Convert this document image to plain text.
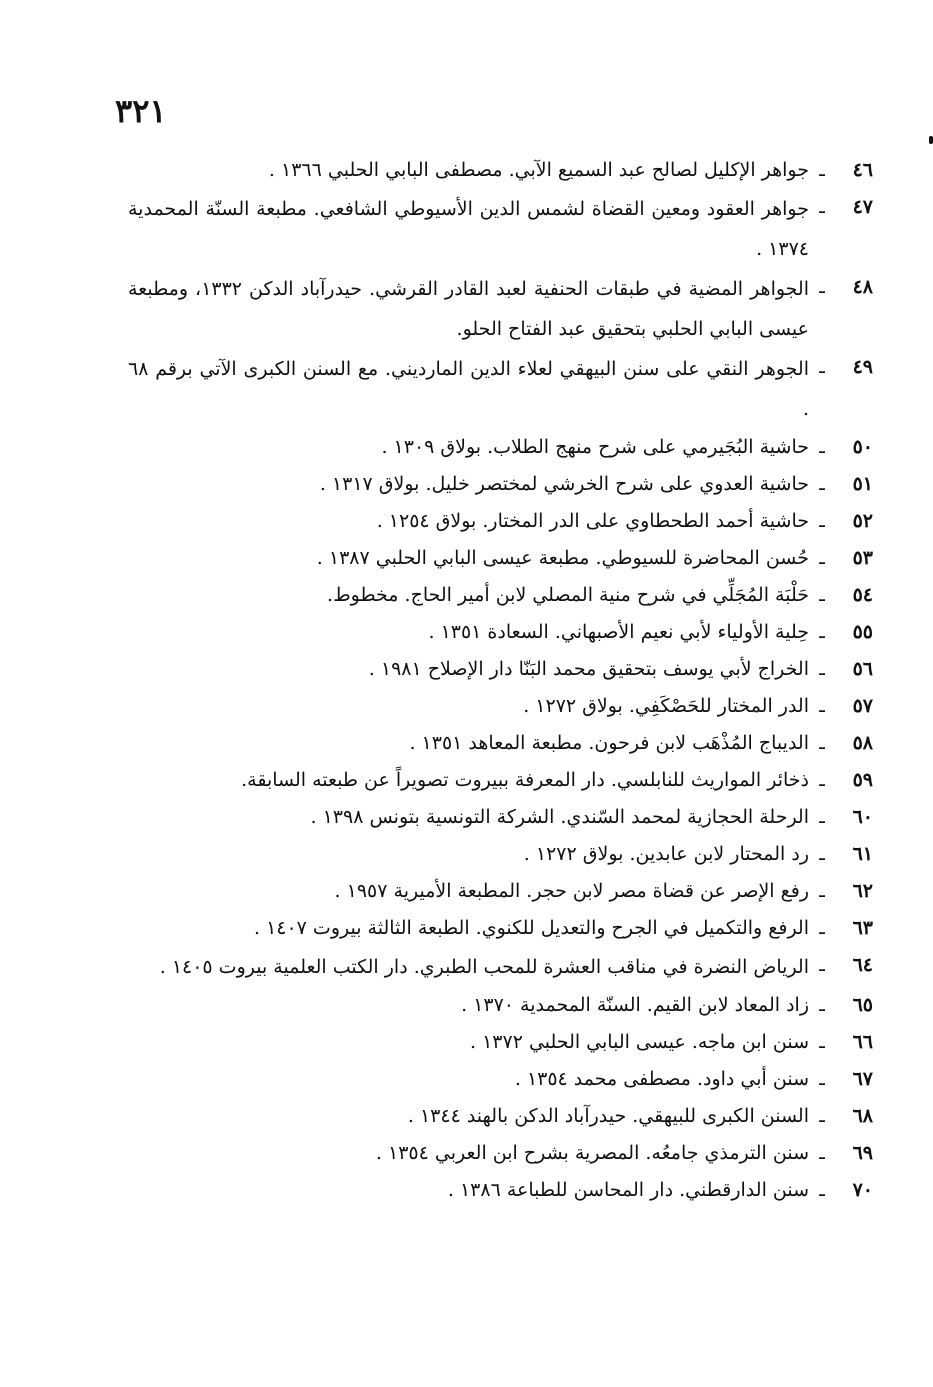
٣٢١
٤٦
ـ
جواهر الإكليل لصالح عبد السميع الآبي. مصطفى البابي الحلبي ١٣٦٦ .
٤٧
ـ
جواهر العقود ومعين القضاة لشمس الدين الأسيوطي الشافعي. مطبعة السنّة المحمدية ١٣٧٤ .
٤٨
ـ
الجواهر المضية في طبقات الحنفية لعبد القادر القرشي. حيدرآباد الدكن ١٣٣٢، ومطبعة عيسى البابي الحلبي بتحقيق عبد الفتاح الحلو.
٤٩
ـ
الجوهر النقي على سنن البيهقي لعلاء الدين المارديني. مع السنن الكبرى الآتي برقم ٦٨ .
٥٠
ـ
حاشية البُجَيرمي على شرح منهج الطلاب. بولاق ١٣٠٩ .
٥١
ـ
حاشية العدوي على شرح الخرشي لمختصر خليل. بولاق ١٣١٧ .
٥٢
ـ
حاشية أحمد الطحطاوي على الدر المختار. بولاق ١٢٥٤ .
٥٣
ـ
حُسن المحاضرة للسيوطي. مطبعة عيسى البابي الحلبي ١٣٨٧ .
٥٤
ـ
حَلْبَة المُجَلِّي في شرح منية المصلي لابن أمير الحاج. مخطوط.
٥٥
ـ
حِلية الأولياء لأبي نعيم الأصبهاني. السعادة ١٣٥١ .
٥٦
ـ
الخراج لأبي يوسف بتحقيق محمد البَنّا دار الإصلاح ١٩٨١ .
٥٧
ـ
الدر المختار للحَصْكَفِي. بولاق ١٢٧٢ .
٥٨
ـ
الديباج المُذْهَب لابن فرحون. مطبعة المعاهد ١٣٥١ .
٥٩
ـ
ذخائر المواريث للنابلسي. دار المعرفة ببيروت تصويراً عن طبعته السابقة.
٦٠
ـ
الرحلة الحجازية لمحمد السّندي. الشركة التونسية بتونس ١٣٩٨ .
٦١
ـ
رد المحتار لابن عابدين. بولاق ١٢٧٢ .
٦٢
ـ
رفع الإصر عن قضاة مصر لابن حجر. المطبعة الأميرية ١٩٥٧ .
٦٣
ـ
الرفع والتكميل في الجرح والتعديل للكنوي. الطبعة الثالثة بيروت ١٤٠٧ .
٦٤
ـ
الرياض النضرة في مناقب العشرة للمحب الطبري. دار الكتب العلمية بيروت ١٤٠٥ .
٦٥
ـ
زاد المعاد لابن القيم. السنّة المحمدية ١٣٧٠ .
٦٦
ـ
سنن ابن ماجه. عيسى البابي الحلبي ١٣٧٢ .
٦٧
ـ
سنن أبي داود. مصطفى محمد ١٣٥٤ .
٦٨
ـ
السنن الكبرى للبيهقي. حيدرآباد الدكن بالهند ١٣٤٤ .
٦٩
ـ
سنن الترمذي جامعُه. المصرية بشرح ابن العربي ١٣٥٤ .
٧٠
ـ
سنن الدارقطني. دار المحاسن للطباعة ١٣٨٦ .
